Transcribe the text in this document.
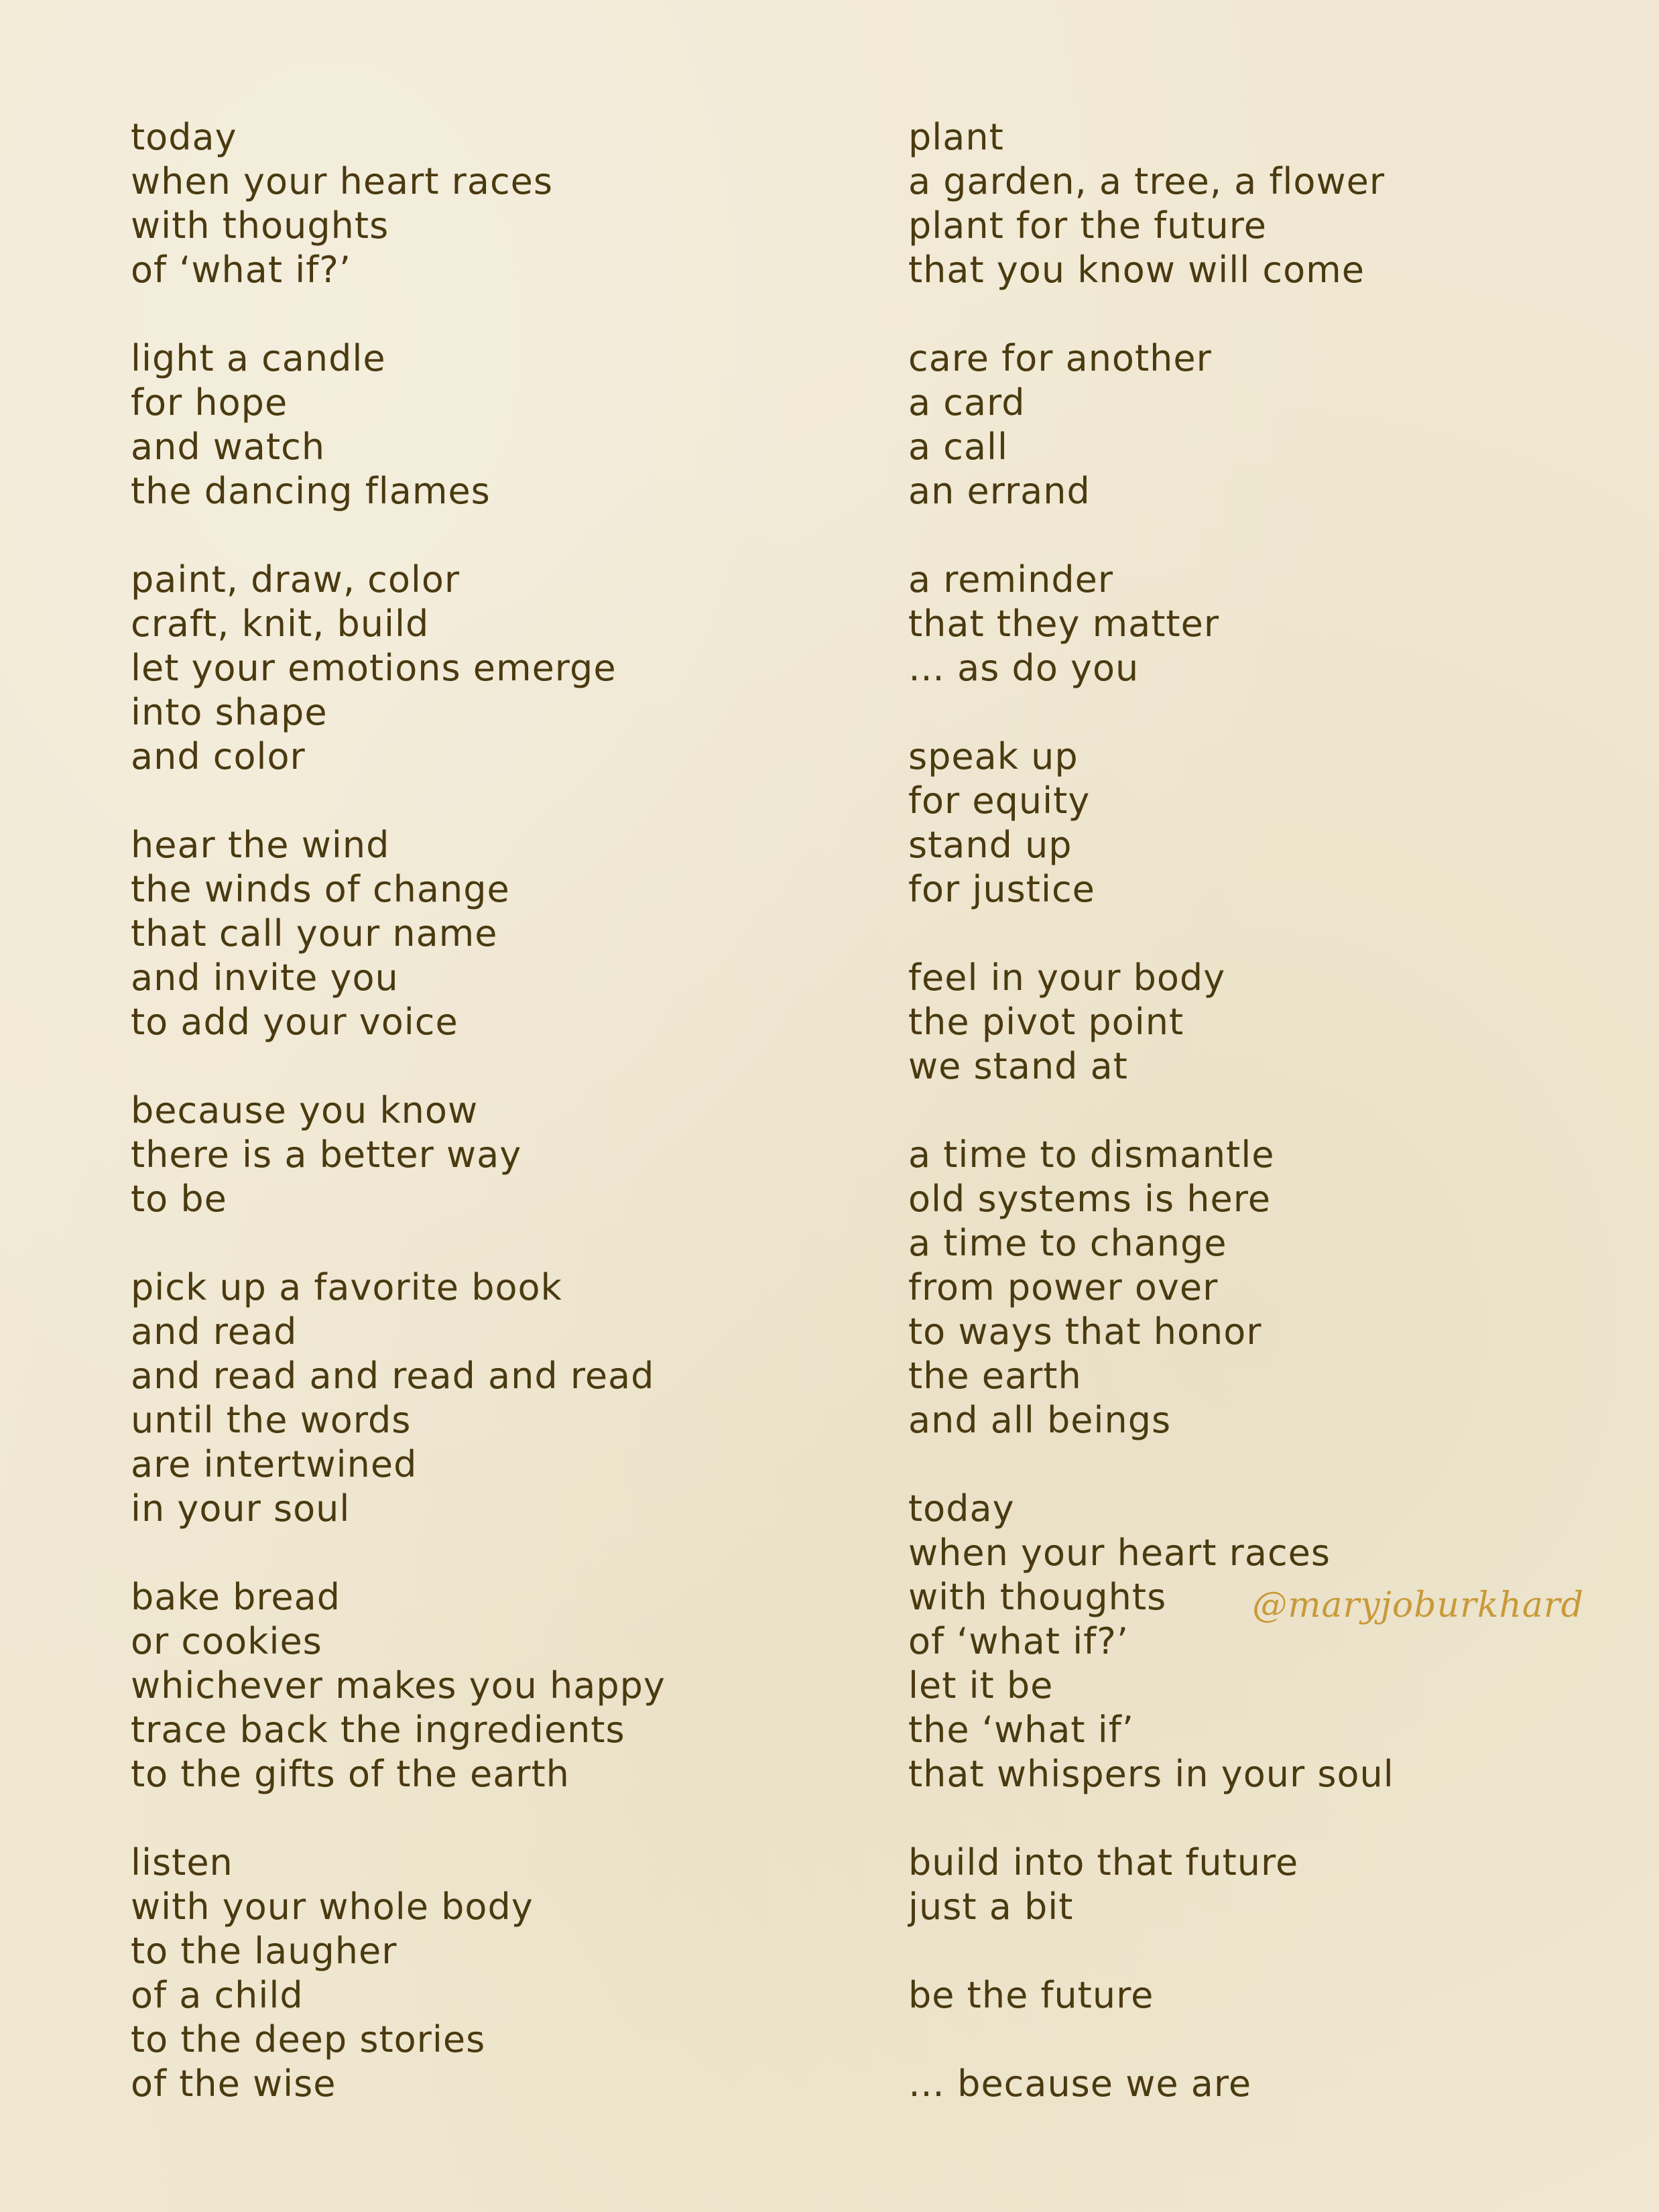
today
when your heart races
with thoughts
of ‘what if?’
light a candle
for hope
and watch
the dancing flames
paint, draw, color
craft, knit, build
let your emotions emerge
into shape
and color
hear the wind
the winds of change
that call your name
and invite you
to add your voice
because you know
there is a better way
to be
pick up a favorite book
and read
and read and read and read
until the words
are intertwined
in your soul
bake bread
or cookies
whichever makes you happy
trace back the ingredients
to the gifts of the earth
listen
with your whole body
to the laugher
of a child
to the deep stories
of the wise
plant
a garden, a tree, a flower
plant for the future
that you know will come
care for another
a card
a call
an errand
a reminder
that they matter
… as do you
speak up
for equity
stand up
for justice
feel in your body
the pivot point
we stand at
a time to dismantle
old systems is here
a time to change
from power over
to ways that honor
the earth
and all beings
today
when your heart races
with thoughts
of ‘what if?’
let it be
the ‘what if’
that whispers in your soul
build into that future
just a bit
be the future
… because we are
@maryjoburkhard
